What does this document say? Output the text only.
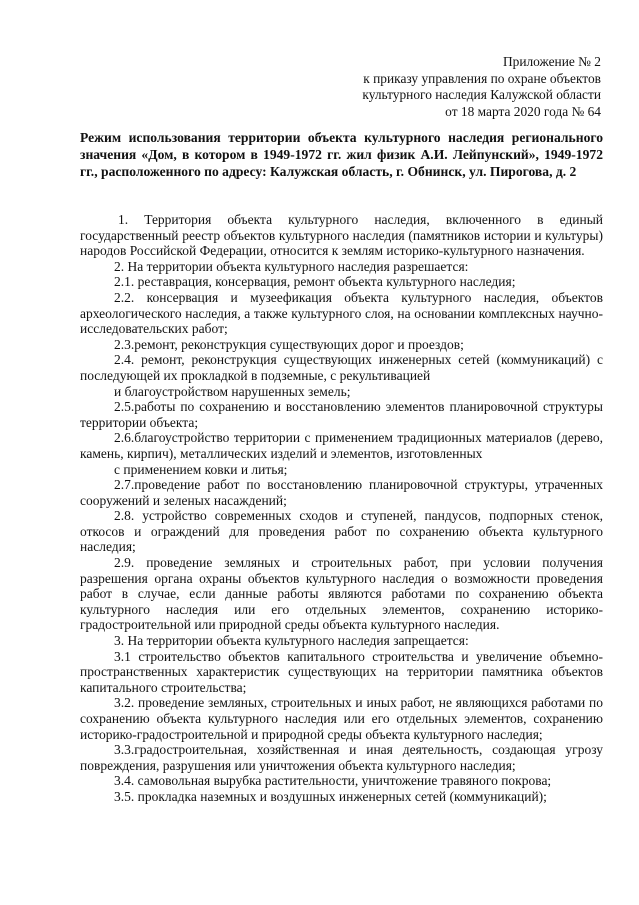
Приложение № 2
к приказу управления по охране объектов
культурного наследия Калужской области
от 18 марта 2020 года № 64
Режим использования территории объекта культурного наследия регионального значения «Дом, в котором в 1949-1972 гг. жил физик А.И. Лейпунский», 1949-1972 гг., расположенного по адресу: Калужская область, г. Обнинск, ул. Пирогова, д. 2

1. Территория объекта культурного наследия, включенного в единый государственный реестр объектов культурного наследия (памятников истории и культуры) народов Российской Федерации, относится к землям историко-культурного назначения.

2. На территории объекта культурного наследия разрешается:

2.1. реставрация, консервация, ремонт объекта культурного наследия;

2.2. консервация и музеефикация объекта культурного наследия, объектов археологического наследия, а также культурного слоя, на основании комплексных научно-исследовательских работ;

2.3.ремонт, реконструкция существующих дорог и проездов;

2.4. ремонт, реконструкция существующих инженерных сетей (коммуникаций) с последующей их прокладкой в подземные, с рекультивацией

и благоустройством нарушенных земель;

2.5.работы по сохранению и восстановлению элементов планировочной структуры территории объекта;

2.6.благоустройство территории с применением традиционных материалов (дерево, камень, кирпич), металлических изделий и элементов, изготовленных

с применением ковки и литья;

2.7.проведение работ по восстановлению планировочной структуры, утраченных сооружений и зеленых насаждений;

2.8. устройство современных сходов и ступеней, пандусов, подпорных стенок, откосов и ограждений для проведения работ по сохранению объекта культурного наследия;

2.9. проведение земляных и строительных работ, при условии получения разрешения органа охраны объектов культурного наследия о возможности проведения работ в случае, если данные работы являются работами по сохранению объекта культурного наследия или его отдельных элементов, сохранению историко-градостроительной или природной среды объекта культурного наследия.

3. На территории объекта культурного наследия запрещается:

3.1 строительство объектов капитального строительства и увеличение объемно-пространственных характеристик существующих на территории памятника объектов капитального строительства;

3.2. проведение земляных, строительных и иных работ, не являющихся работами по сохранению объекта культурного наследия или его отдельных элементов, сохранению историко-градостроительной и природной среды объекта культурного наследия;

3.3.градостроительная, хозяйственная и иная деятельность, создающая угрозу повреждения, разрушения или уничтожения объекта культурного наследия;

3.4. самовольная вырубка растительности, уничтожение травяного покрова;

3.5. прокладка наземных и воздушных инженерных сетей (коммуникаций);
